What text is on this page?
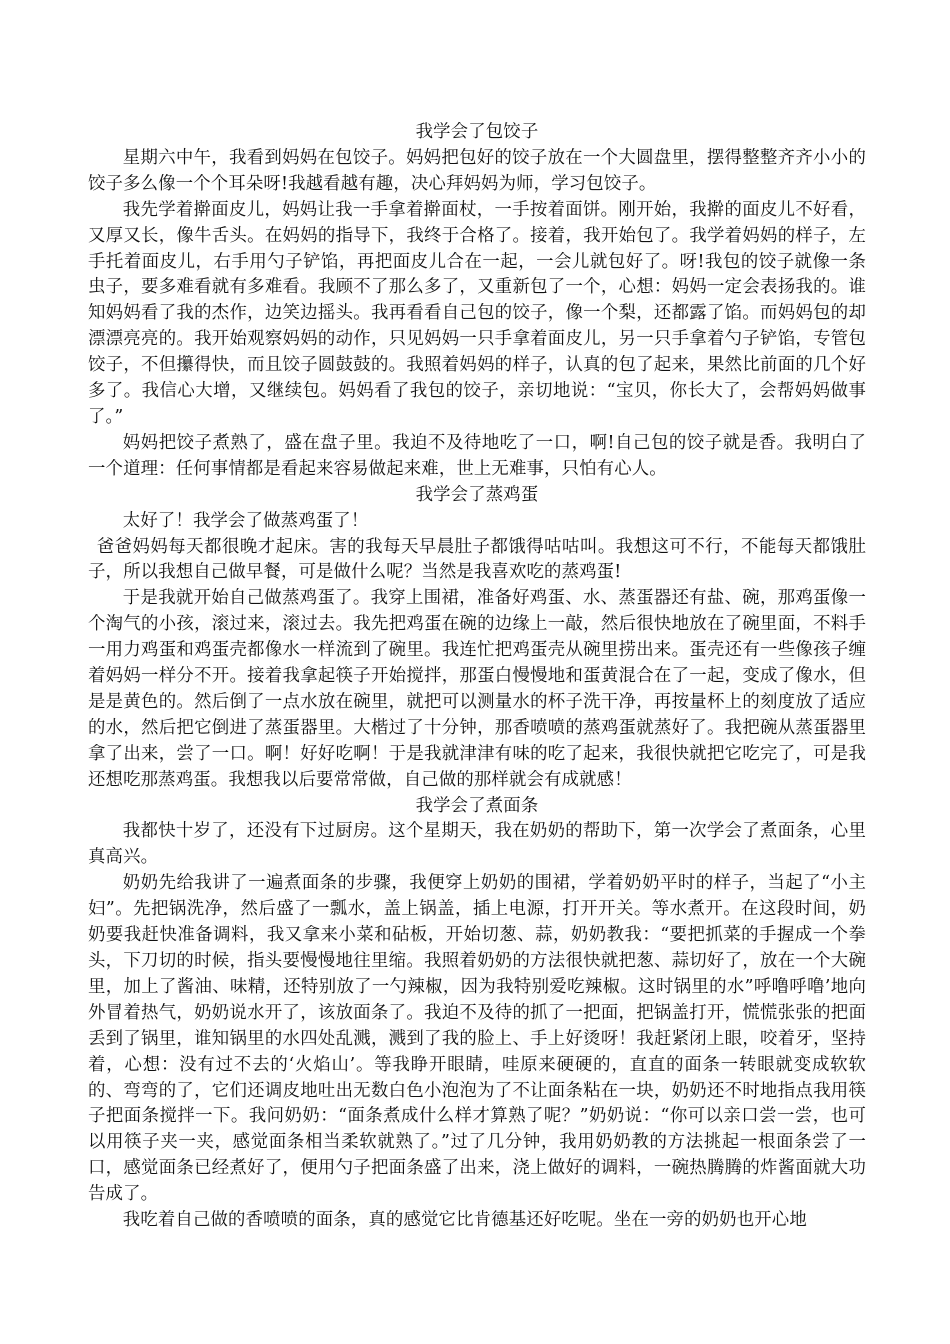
我学会了包饺子

星期六中午，我看到妈妈在包饺子。妈妈把包好的饺子放在一个大圆盘里，摆得整整齐齐小小的饺子多么像一个个耳朵呀!我越看越有趣，决心拜妈妈为师，学习包饺子。

我先学着擀面皮儿，妈妈让我一手拿着擀面杖，一手按着面饼。刚开始，我擀的面皮儿不好看，又厚又长，像牛舌头。在妈妈的指导下，我终于合格了。接着，我开始包了。我学着妈妈的样子，左手托着面皮儿，右手用勺子铲馅，再把面皮儿合在一起，一会儿就包好了。呀!我包的饺子就像一条虫子，要多难看就有多难看。我顾不了那么多了，又重新包了一个，心想：妈妈一定会表扬我的。谁知妈妈看了我的杰作，边笑边摇头。我再看看自己包的饺子，像一个梨，还都露了馅。而妈妈包的却漂漂亮亮的。我开始观察妈妈的动作，只见妈妈一只手拿着面皮儿，另一只手拿着勺子铲馅，专管包饺子，不但攥得快，而且饺子圆鼓鼓的。我照着妈妈的样子，认真的包了起来，果然比前面的几个好多了。我信心大增，又继续包。妈妈看了我包的饺子，亲切地说：“宝贝，你长大了，会帮妈妈做事了。”

妈妈把饺子煮熟了，盛在盘子里。我迫不及待地吃了一口，啊!自己包的饺子就是香。我明白了一个道理：任何事情都是看起来容易做起来难，世上无难事，只怕有心人。

我学会了蒸鸡蛋

太好了！我学会了做蒸鸡蛋了！

爸爸妈妈每天都很晚才起床。害的我每天早晨肚子都饿得咕咕叫。我想这可不行，不能每天都饿肚子，所以我想自己做早餐，可是做什么呢？当然是我喜欢吃的蒸鸡蛋!

于是我就开始自己做蒸鸡蛋了。我穿上围裙，准备好鸡蛋、水、蒸蛋器还有盐、碗，那鸡蛋像一个淘气的小孩，滚过来，滚过去。我先把鸡蛋在碗的边缘上一敲，然后很快地放在了碗里面，不料手一用力鸡蛋和鸡蛋壳都像水一样流到了碗里。我连忙把鸡蛋壳从碗里捞出来。蛋壳还有一些像孩子缠着妈妈一样分不开。接着我拿起筷子开始搅拌，那蛋白慢慢地和蛋黄混合在了一起，变成了像水，但是是黄色的。然后倒了一点水放在碗里，就把可以测量水的杯子洗干净，再按量杯上的刻度放了适应的水，然后把它倒进了蒸蛋器里。大楷过了十分钟，那香喷喷的蒸鸡蛋就蒸好了。我把碗从蒸蛋器里拿了出来，尝了一口。啊！好好吃啊！于是我就津津有味的吃了起来，我很快就把它吃完了，可是我还想吃那蒸鸡蛋。我想我以后要常常做，自己做的那样就会有成就感！

我学会了煮面条

我都快十岁了，还没有下过厨房。这个星期天，我在奶奶的帮助下，第一次学会了煮面条，心里真高兴。

奶奶先给我讲了一遍煮面条的步骤，我便穿上奶奶的围裙，学着奶奶平时的样子，当起了“小主妇”。先把锅洗净，然后盛了一瓢水，盖上锅盖，插上电源，打开开关。等水煮开。在这段时间，奶奶要我赶快准备调料，我又拿来小菜和砧板，开始切葱、蒜，奶奶教我：“要把抓菜的手握成一个拳头，下刀切的时候，指头要慢慢地往里缩。我照着奶奶的方法很快就把葱、蒜切好了，放在一个大碗里，加上了酱油、味精，还特别放了一勺辣椒，因为我特别爱吃辣椒。这时锅里的水”呼噜呼噜’地向外冒着热气，奶奶说水开了，该放面条了。我迫不及待的抓了一把面，把锅盖打开，慌慌张张的把面丢到了锅里，谁知锅里的水四处乱溅，溅到了我的脸上、手上好烫呀！我赶紧闭上眼，咬着牙，坚持着，心想：没有过不去的‘火焰山’。等我睁开眼睛，哇原来硬硬的，直直的面条一转眼就变成软软的、弯弯的了，它们还调皮地吐出无数白色小泡泡为了不让面条粘在一块，奶奶还不时地指点我用筷子把面条搅拌一下。我问奶奶：“面条煮成什么样才算熟了呢？”奶奶说：“你可以亲口尝一尝，也可以用筷子夹一夹，感觉面条相当柔软就熟了。”过了几分钟，我用奶奶教的方法挑起一根面条尝了一口，感觉面条已经煮好了，便用勺子把面条盛了出来，浇上做好的调料，一碗热腾腾的炸酱面就大功告成了。

我吃着自己做的香喷喷的面条，真的感觉它比肯德基还好吃呢。坐在一旁的奶奶也开心地
